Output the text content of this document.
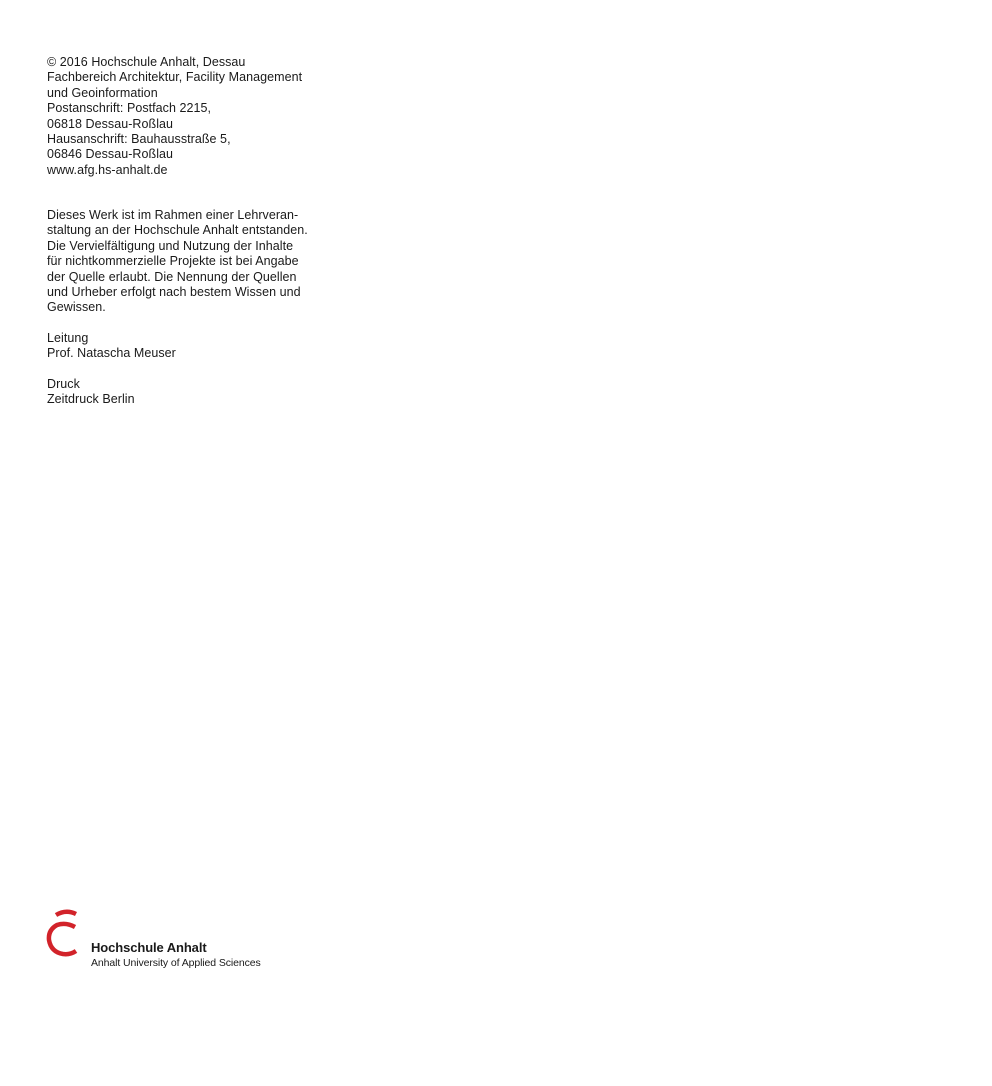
© 2016 Hochschule Anhalt, Dessau
Fachbereich Architektur, Facility Management
und Geoinformation
Postanschrift: Postfach 2215,
06818 Dessau-Roßlau
Hausanschrift: Bauhausstraße 5,
06846 Dessau-Roßlau
www.afg.hs-anhalt.de
Dieses Werk ist im Rahmen einer Lehrveran-
staltung an der Hochschule Anhalt entstanden.
Die Vervielfältigung und Nutzung der Inhalte
für nichtkommerzielle Projekte ist bei Angabe
der Quelle erlaubt. Die Nennung der Quellen
und Urheber erfolgt nach bestem Wissen und
Gewissen.
Leitung
Prof. Natascha Meuser
Druck
Zeitdruck Berlin
Hochschule Anhalt
Anhalt University of Applied Sciences
